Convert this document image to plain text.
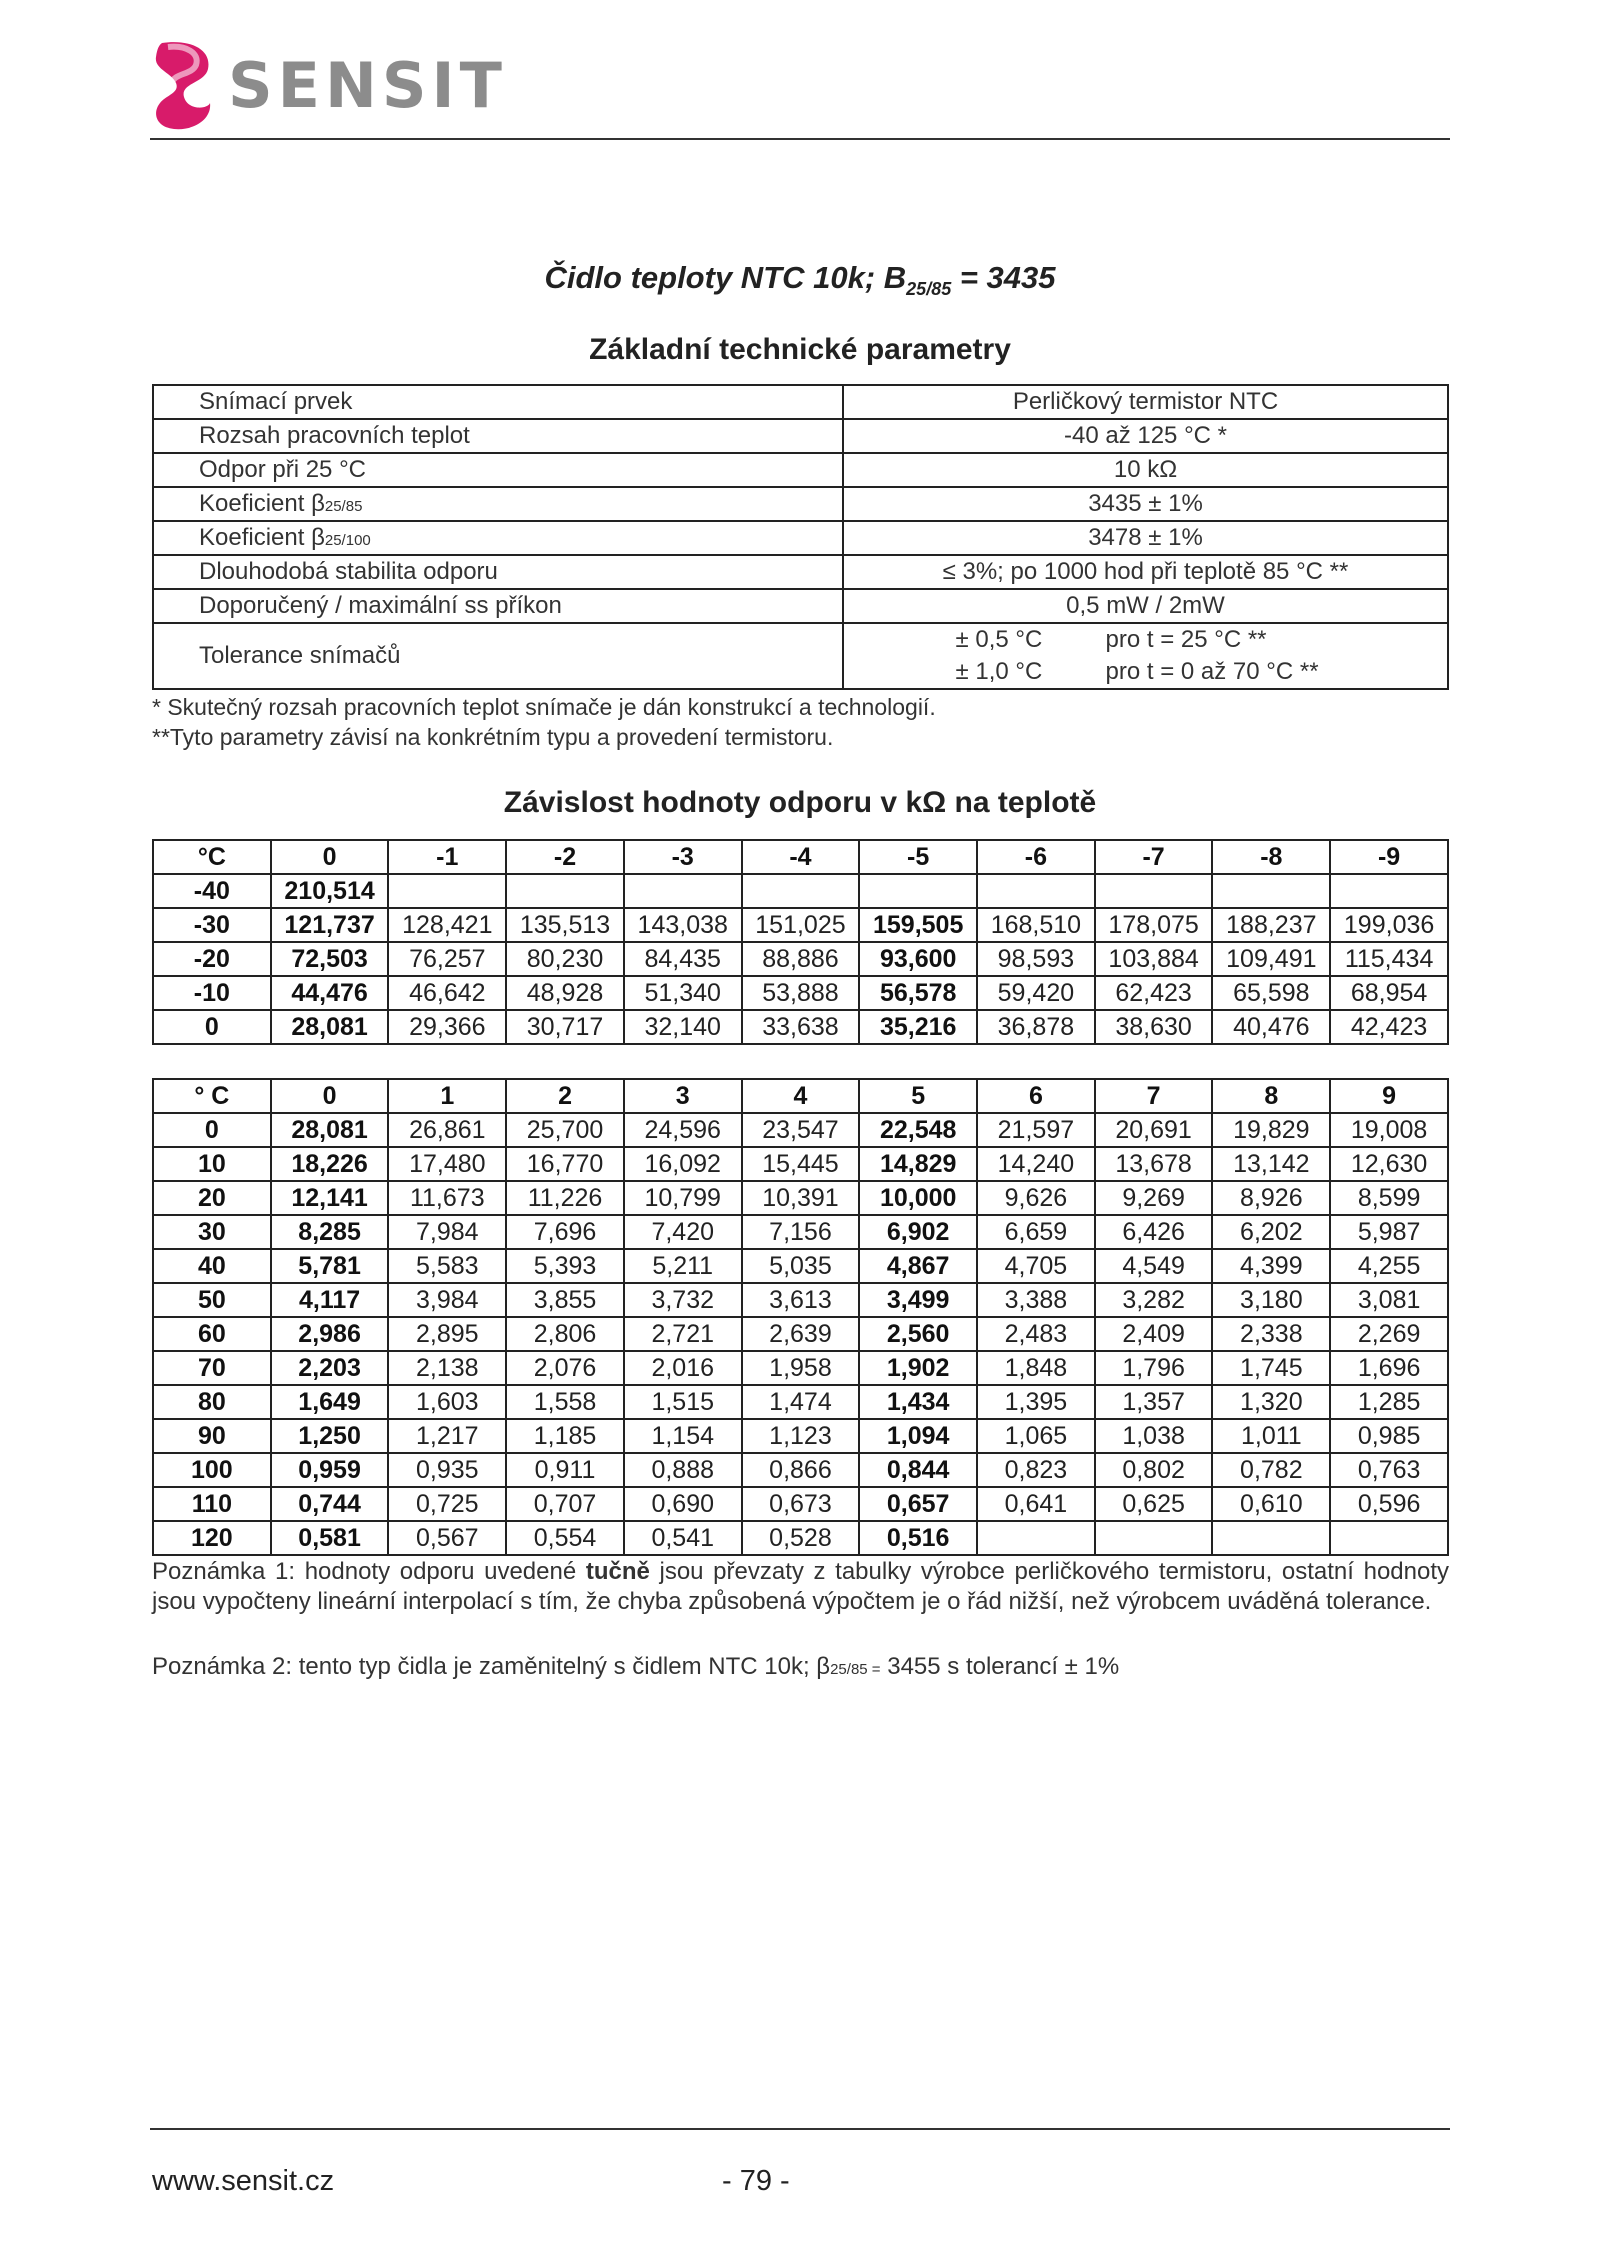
SENSIT
Čidlo teploty NTC 10k; $B_{25/85} = 3435$
Základní technické parametry
Snímací prvek	Perličkový termistor NTC
Rozsah pracovních teplot	-40 až 125 °C *
Odpor při 25 °C	10 kΩ
Koeficient β25/85	3435 ± 1%
Koeficient β25/100	3478 ± 1%
Dlouhodobá stabilita odporu	≤ 3%; po 1000 hod při teplotě 85 °C **
Doporučený / maximální ss příkon	0,5 mW / 2mW
Tolerance snímačů	± 0,5 °C pro t = 25 °C **
± 1,0 °C pro t = 0 až 70 °C **
* Skutečný rozsah pracovních teplot snímače je dán konstrukcí a technologií.
**Tyto parametry závisí na konkrétním typu a provedení termistoru.
Závislost hodnoty odporu v kΩ na teplotě
°C	0	-1	-2	-3	-4	-5	-6	-7	-8	-9
-40	210,514									
-30	121,737	128,421	135,513	143,038	151,025	159,505	168,510	178,075	188,237	199,036
-20	72,503	76,257	80,230	84,435	88,886	93,600	98,593	103,884	109,491	115,434
-10	44,476	46,642	48,928	51,340	53,888	56,578	59,420	62,423	65,598	68,954
0	28,081	29,366	30,717	32,140	33,638	35,216	36,878	38,630	40,476	42,423
° C	0	1	2	3	4	5	6	7	8	9
0	28,081	26,861	25,700	24,596	23,547	22,548	21,597	20,691	19,829	19,008
10	18,226	17,480	16,770	16,092	15,445	14,829	14,240	13,678	13,142	12,630
20	12,141	11,673	11,226	10,799	10,391	10,000	9,626	9,269	8,926	8,599
30	8,285	7,984	7,696	7,420	7,156	6,902	6,659	6,426	6,202	5,987
40	5,781	5,583	5,393	5,211	5,035	4,867	4,705	4,549	4,399	4,255
50	4,117	3,984	3,855	3,732	3,613	3,499	3,388	3,282	3,180	3,081
60	2,986	2,895	2,806	2,721	2,639	2,560	2,483	2,409	2,338	2,269
70	2,203	2,138	2,076	2,016	1,958	1,902	1,848	1,796	1,745	1,696
80	1,649	1,603	1,558	1,515	1,474	1,434	1,395	1,357	1,320	1,285
90	1,250	1,217	1,185	1,154	1,123	1,094	1,065	1,038	1,011	0,985
100	0,959	0,935	0,911	0,888	0,866	0,844	0,823	0,802	0,782	0,763
110	0,744	0,725	0,707	0,690	0,673	0,657	0,641	0,625	0,610	0,596
120	0,581	0,567	0,554	0,541	0,528	0,516				
Poznámka 1: hodnoty odporu uvedené tučně jsou převzaty z tabulky výrobce perličkového termistoru, ostatní hodnoty jsou vypočteny lineární interpolací s tím, že chyba způsobená výpočtem je o řád nižší, než výrobcem uváděná tolerance.
Poznámka 2: tento typ čidla je zaměnitelný s čidlem NTC 10k; β25/85 = 3455 s tolerancí ± 1%
www.sensit.cz	- 79 -
